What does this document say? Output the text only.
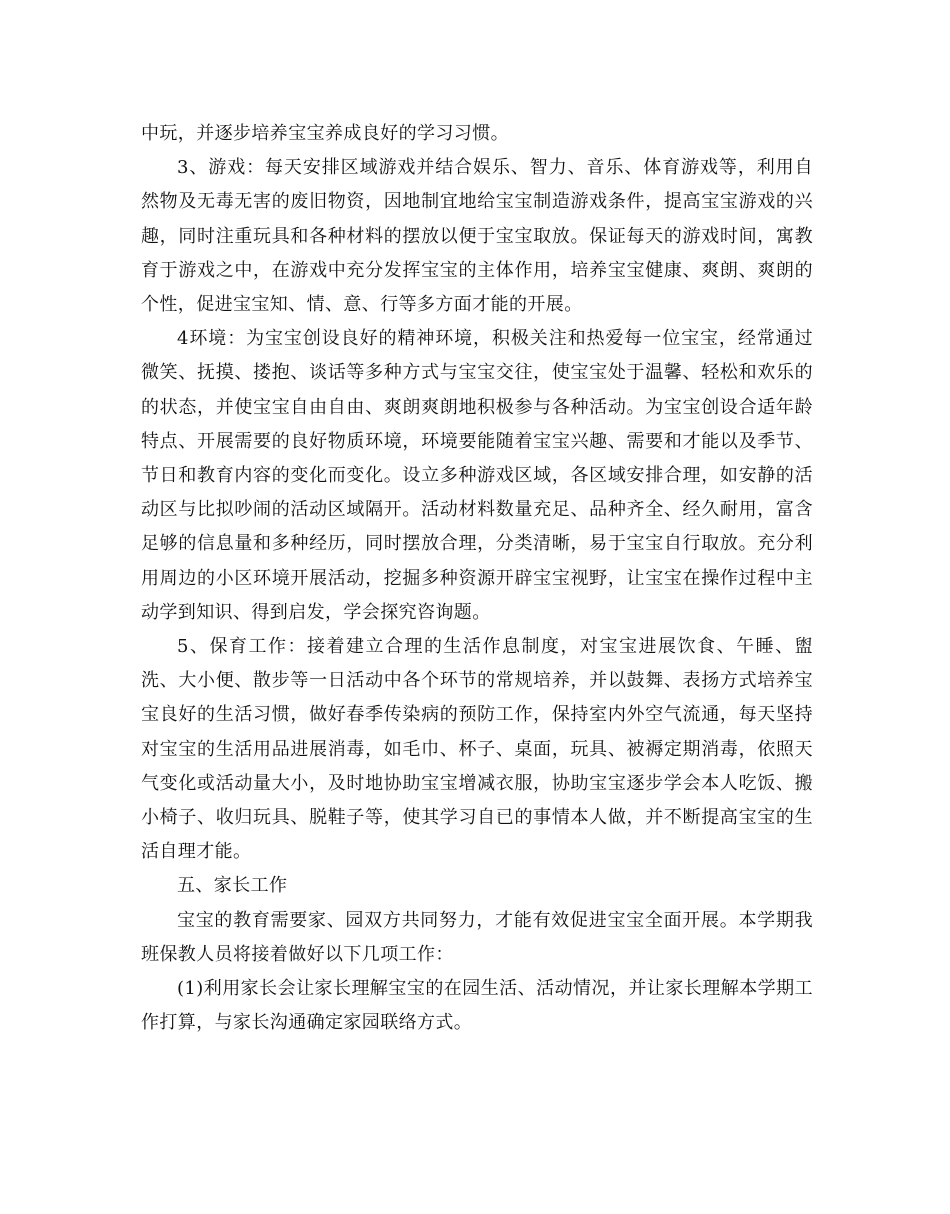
中玩，并逐步培养宝宝养成良好的学习习惯。

3、游戏：每天安排区域游戏并结合娱乐、智力、音乐、体育游戏等，利用自然物及无毒无害的废旧物资，因地制宜地给宝宝制造游戏条件，提高宝宝游戏的兴趣，同时注重玩具和各种材料的摆放以便于宝宝取放。保证每天的游戏时间，寓教育于游戏之中，在游戏中充分发挥宝宝的主体作用，培养宝宝健康、爽朗、爽朗的个性，促进宝宝知、情、意、行等多方面才能的开展。

4环境：为宝宝创设良好的精神环境，积极关注和热爱每一位宝宝，经常通过微笑、抚摸、搂抱、谈话等多种方式与宝宝交往，使宝宝处于温馨、轻松和欢乐的的状态，并使宝宝自由自由、爽朗爽朗地积极参与各种活动。为宝宝创设合适年龄特点、开展需要的良好物质环境，环境要能随着宝宝兴趣、需要和才能以及季节、节日和教育内容的变化而变化。设立多种游戏区域，各区域安排合理，如安静的活动区与比拟吵闹的活动区域隔开。活动材料数量充足、品种齐全、经久耐用，富含足够的信息量和多种经历，同时摆放合理，分类清晰，易于宝宝自行取放。充分利用周边的小区环境开展活动，挖掘多种资源开辟宝宝视野，让宝宝在操作过程中主动学到知识、得到启发，学会探究咨询题。

5、保育工作：接着建立合理的生活作息制度，对宝宝进展饮食、午睡、盥洗、大小便、散步等一日活动中各个环节的常规培养，并以鼓舞、表扬方式培养宝宝良好的生活习惯，做好春季传染病的预防工作，保持室内外空气流通，每天坚持对宝宝的生活用品进展消毒，如毛巾、杯子、桌面，玩具、被褥定期消毒，依照天气变化或活动量大小，及时地协助宝宝增减衣服，协助宝宝逐步学会本人吃饭、搬小椅子、收归玩具、脱鞋子等，使其学习自已的事情本人做，并不断提高宝宝的生活自理才能。

五、家长工作

宝宝的教育需要家、园双方共同努力，才能有效促进宝宝全面开展。本学期我班保教人员将接着做好以下几项工作：

(1)利用家长会让家长理解宝宝的在园生活、活动情况，并让家长理解本学期工作打算，与家长沟通确定家园联络方式。
